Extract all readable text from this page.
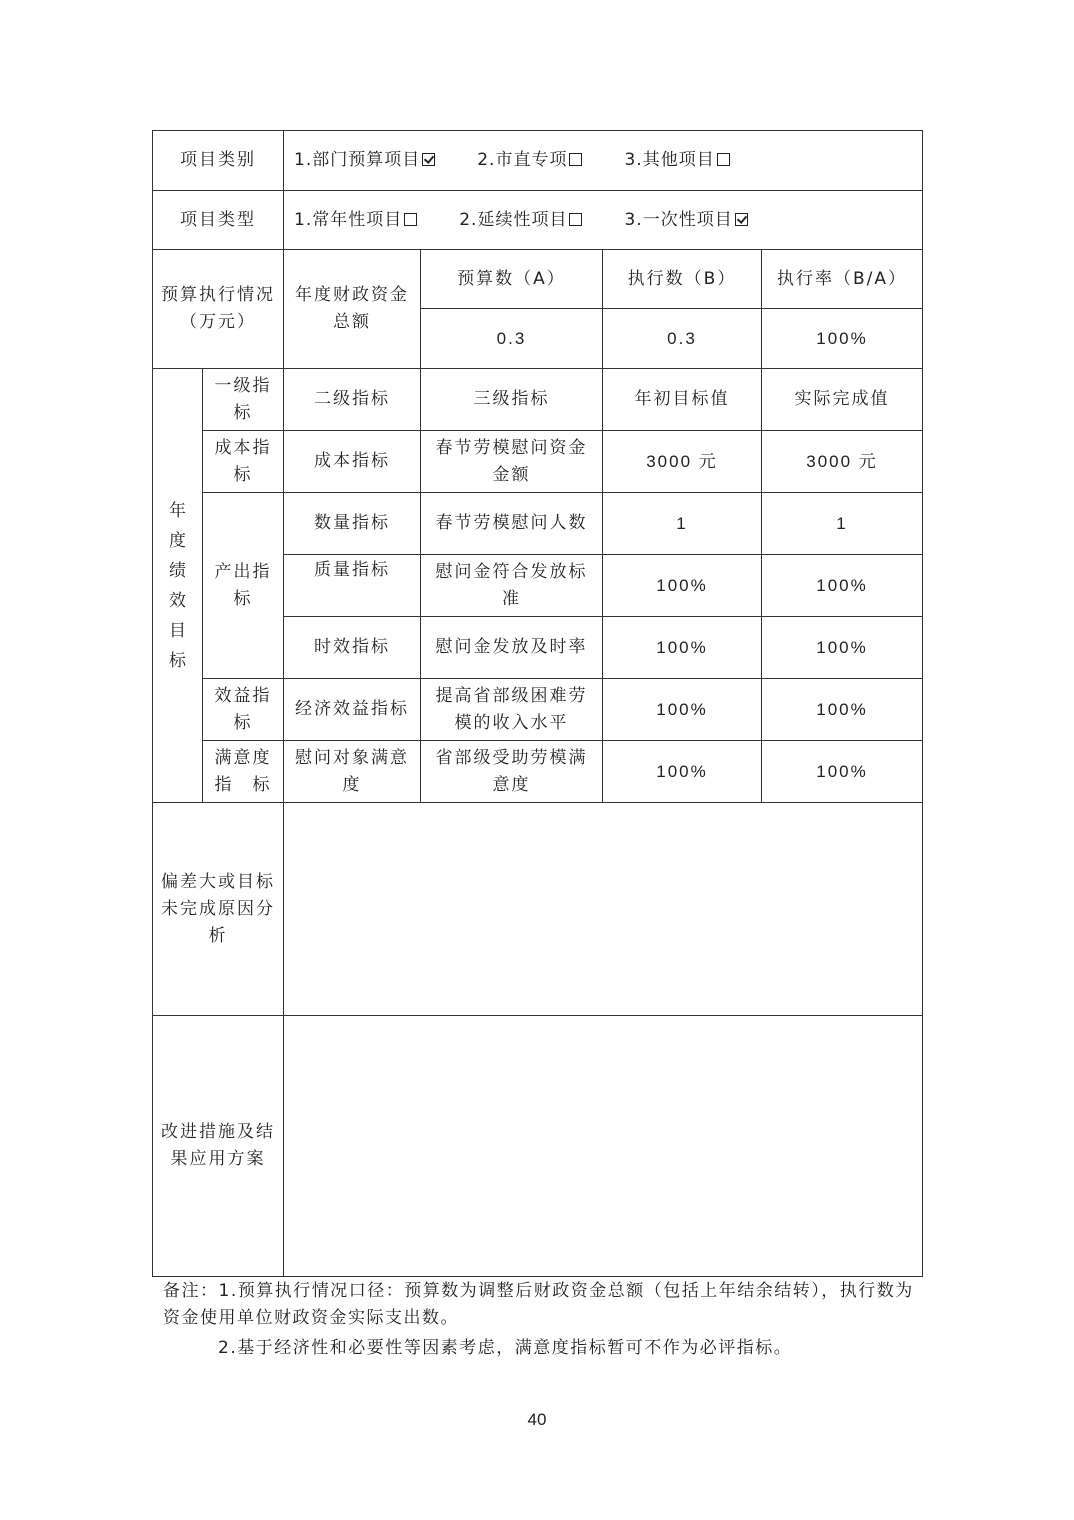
项目类别		1.部门预算项目 2.市直专项 3.其他项目			
项目类型		1.常年性项目 2.延续性项目 3.一次性项目			
预算执行情况（万元）		年度财政资金总额	预算数（A）	执行数（B）	执行率（B/A）
			0.3	0.3	100%
年度绩效目标	一级指标	二级指标	三级指标	年初目标值	实际完成值
	成本指标	成本指标	春节劳模慰问资金金额	3000 元	3000 元
	产出指标	数量指标	春节劳模慰问人数	1	1
		质量指标	慰问金符合发放标准	100%	100%
		时效指标	慰问金发放及时率	100%	100%
	效益指标	经济效益指标	提高省部级困难劳模的收入水平	100%	100%
	满意度指　标	慰问对象满意度	省部级受助劳模满意度	100%	100%
偏差大或目标未完成原因分析					
改进措施及结果应用方案					

备注：1.预算执行情况口径：预算数为调整后财政资金总额（包括上年结余结转），执行数为资金使用单位财政资金实际支出数。

2.基于经济性和必要性等因素考虑，满意度指标暂可不作为必评指标。

40
